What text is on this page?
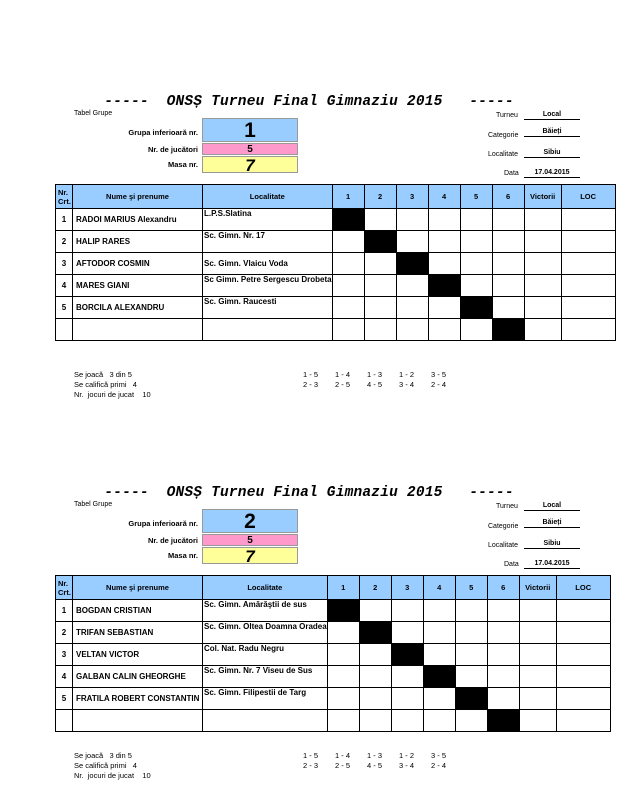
-----  ONSȘ Turneu Final Gimnaziu 2015   -----
Tabel Grupe
Grupa inferioară nr.	1
Nr. de jucători	5
Masa nr.	7
Turneu	Local
Categorie
Băieți
Localitate	Sibiu
Data	17.04.2015
Nr. Crt.	Nume şi prenume	Localitate	1	2	3	4	5	6	Victorii	LOC
1	RADOI MARIUS Alexandru	L.P.S.Slatina								
2	HALIP RARES	Sc. Gimn. Nr. 17								
3	AFTODOR COSMIN	Sc. Gimn. Vlaicu Voda								
4	MARES GIANI	Sc Gimn. Petre Sergescu Drobeta								
5	BORCILA ALEXANDRU	Sc. Gimn. Raucesti								

Se joacă   3 din 5
Se califică primi   4
Nr.  jocuri de jucat    10
1 - 5 1 - 4 1 - 3 1 - 2 3 - 5
2 - 3 2 - 5 4 - 5 3 - 4 2 - 4
-----  ONSȘ Turneu Final Gimnaziu 2015   -----
Tabel Grupe
Grupa inferioară nr.	2
Nr. de jucători	5
Masa nr.	7
Turneu	Local
Categorie
Băieți
Localitate	Sibiu
Data	17.04.2015
Nr. Crt.	Nume şi prenume	Localitate	1	2	3	4	5	6	Victorii	LOC
1	BOGDAN CRISTIAN	Sc. Gimn. Amărăştii de sus								
2	TRIFAN SEBASTIAN	Sc. Gimn. Oltea Doamna Oradea								
3	VELTAN VICTOR	Col. Nat. Radu Negru								
4	GALBAN CALIN GHEORGHE	Sc. Gimn. Nr. 7 Viseu de Sus								
5	FRATILA ROBERT CONSTANTIN	Sc. Gimn. Filipestii de Targ								

Se joacă   3 din 5
Se califică primi   4
Nr.  jocuri de jucat    10
1 - 5 1 - 4 1 - 3 1 - 2 3 - 5
2 - 3 2 - 5 4 - 5 3 - 4 2 - 4
